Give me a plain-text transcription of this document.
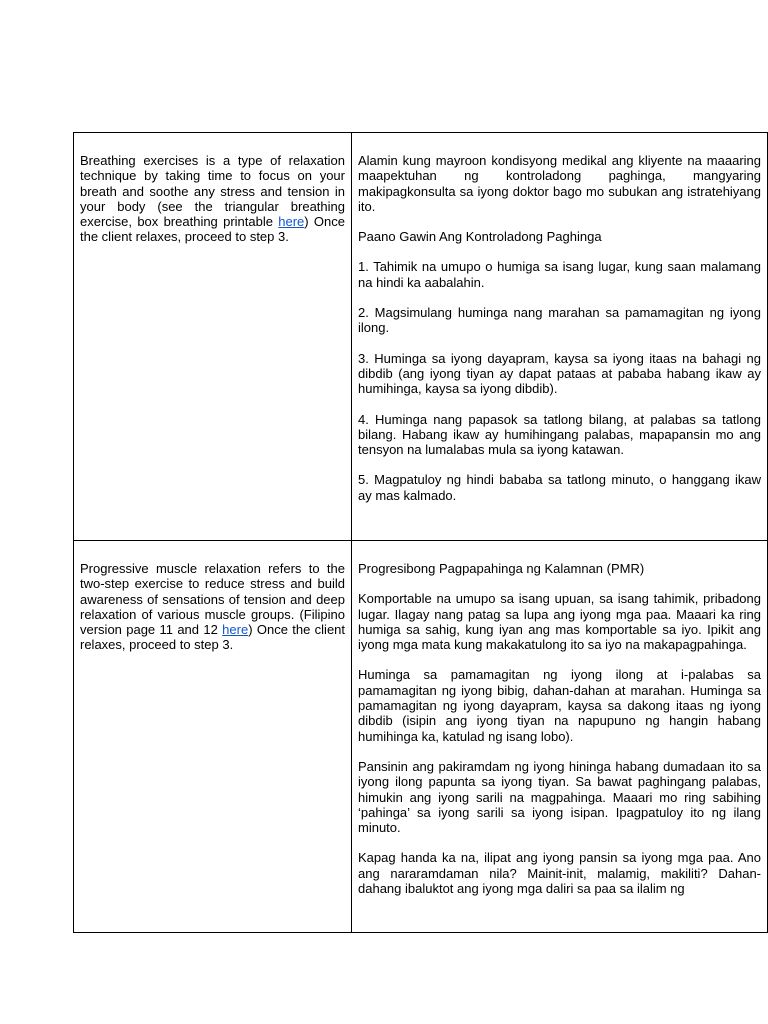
Breathing exercises is a type of relaxation technique by taking time to focus on your breath and soothe any stress and tension in your body (see the triangular breathing exercise, box breathing printable here) Once the client relaxes, proceed to step 3.

Alamin kung mayroon kondisyong medikal ang kliyente na maaaring maapektuhan ng kontroladong paghinga, mangyaring makipagkonsulta sa iyong doktor bago mo subukan ang istratehiyang ito.

Paano Gawin Ang Kontroladong Paghinga

1. Tahimik na umupo o humiga sa isang lugar, kung saan malamang na hindi ka aabalahin.

2. Magsimulang huminga nang marahan sa pamamagitan ng iyong ilong.

3. Huminga sa iyong dayapram, kaysa sa iyong itaas na bahagi ng dibdib (ang iyong tiyan ay dapat pataas at pababa habang ikaw ay humihinga, kaysa sa iyong dibdib).

4. Huminga nang papasok sa tatlong bilang, at palabas sa tatlong bilang. Habang ikaw ay humihingang palabas, mapapansin mo ang tensyon na lumalabas mula sa iyong katawan.

5. Magpatuloy ng hindi bababa sa tatlong minuto, o hanggang ikaw ay mas kalmado.

Progressive muscle relaxation refers to the two-step exercise to reduce stress and build awareness of sensations of tension and deep relaxation of various muscle groups. (Filipino version page 11 and 12 here) Once the client relaxes, proceed to step 3.

Progresibong Pagpapahinga ng Kalamnan (PMR)

Komportable na umupo sa isang upuan, sa isang tahimik, pribadong lugar. Ilagay nang patag sa lupa ang iyong mga paa. Maaari ka ring humiga sa sahig, kung iyan ang mas komportable sa iyo. Ipikit ang iyong mga mata kung makakatulong ito sa iyo na makapagpahinga.

Huminga sa pamamagitan ng iyong ilong at i-palabas sa pamamagitan ng iyong bibig, dahan-dahan at marahan. Huminga sa pamamagitan ng iyong dayapram, kaysa sa dakong itaas ng iyong dibdib (isipin ang iyong tiyan na napupuno ng hangin habang humihinga ka, katulad ng isang lobo).

Pansinin ang pakiramdam ng iyong hininga habang dumadaan ito sa iyong ilong papunta sa iyong tiyan. Sa bawat paghingang palabas, himukin ang iyong sarili na magpahinga. Maaari mo ring sabihing ‘pahinga’ sa iyong sarili sa iyong isipan. Ipagpatuloy ito ng ilang minuto.

Kapag handa ka na, ilipat ang iyong pansin sa iyong mga paa. Ano ang nararamdaman nila? Mainit-init, malamig, makiliti? Dahan-dahang ibaluktot ang iyong mga daliri sa paa sa ilalim ng
